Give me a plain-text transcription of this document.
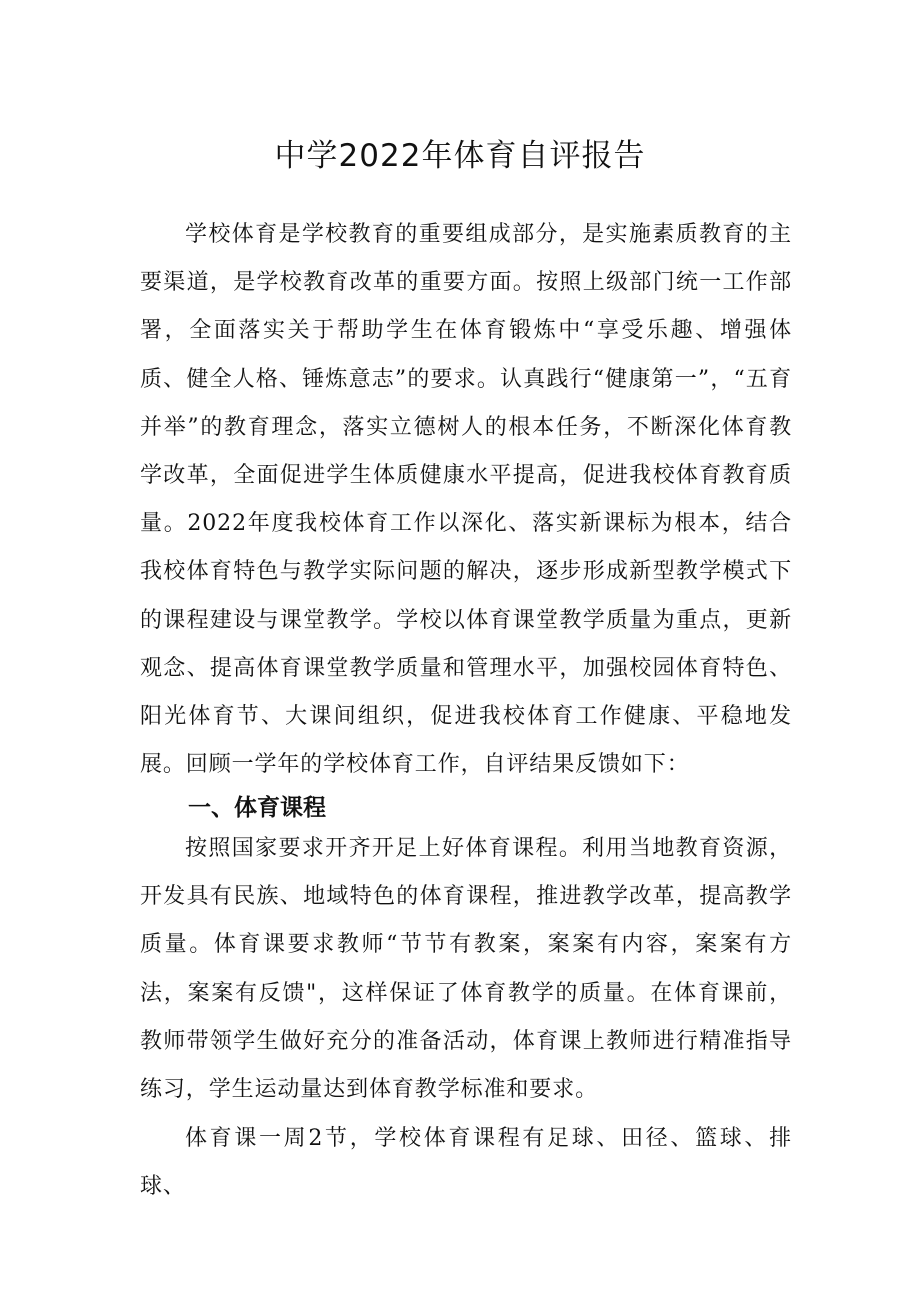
中学2022年体育自评报告

学校体育是学校教育的重要组成部分，是实施素质教育的主要渠道，是学校教育改革的重要方面。按照上级部门统一工作部署，全面落实关于帮助学生在体育锻炼中“享受乐趣、增强体质、健全人格、锤炼意志”的要求。认真践行“健康第一”，“五育并举”的教育理念，落实立德树人的根本任务，不断深化体育教学改革，全面促进学生体质健康水平提高，促进我校体育教育质量。2022年度我校体育工作以深化、落实新课标为根本，结合我校体育特色与教学实际问题的解决，逐步形成新型教学模式下的课程建设与课堂教学。学校以体育课堂教学质量为重点，更新观念、提高体育课堂教学质量和管理水平，加强校园体育特色、阳光体育节、大课间组织，促进我校体育工作健康、平稳地发展。回顾一学年的学校体育工作，自评结果反馈如下：

一、体育课程

按照国家要求开齐开足上好体育课程。利用当地教育资源，开发具有民族、地域特色的体育课程，推进教学改革，提高教学质量。体育课要求教师“节节有教案，案案有内容，案案有方法，案案有反馈"，这样保证了体育教学的质量。在体育课前，教师带领学生做好充分的准备活动，体育课上教师进行精准指导练习，学生运动量达到体育教学标准和要求。

体育课一周2节，学校体育课程有足球、田径、篮球、排球、
